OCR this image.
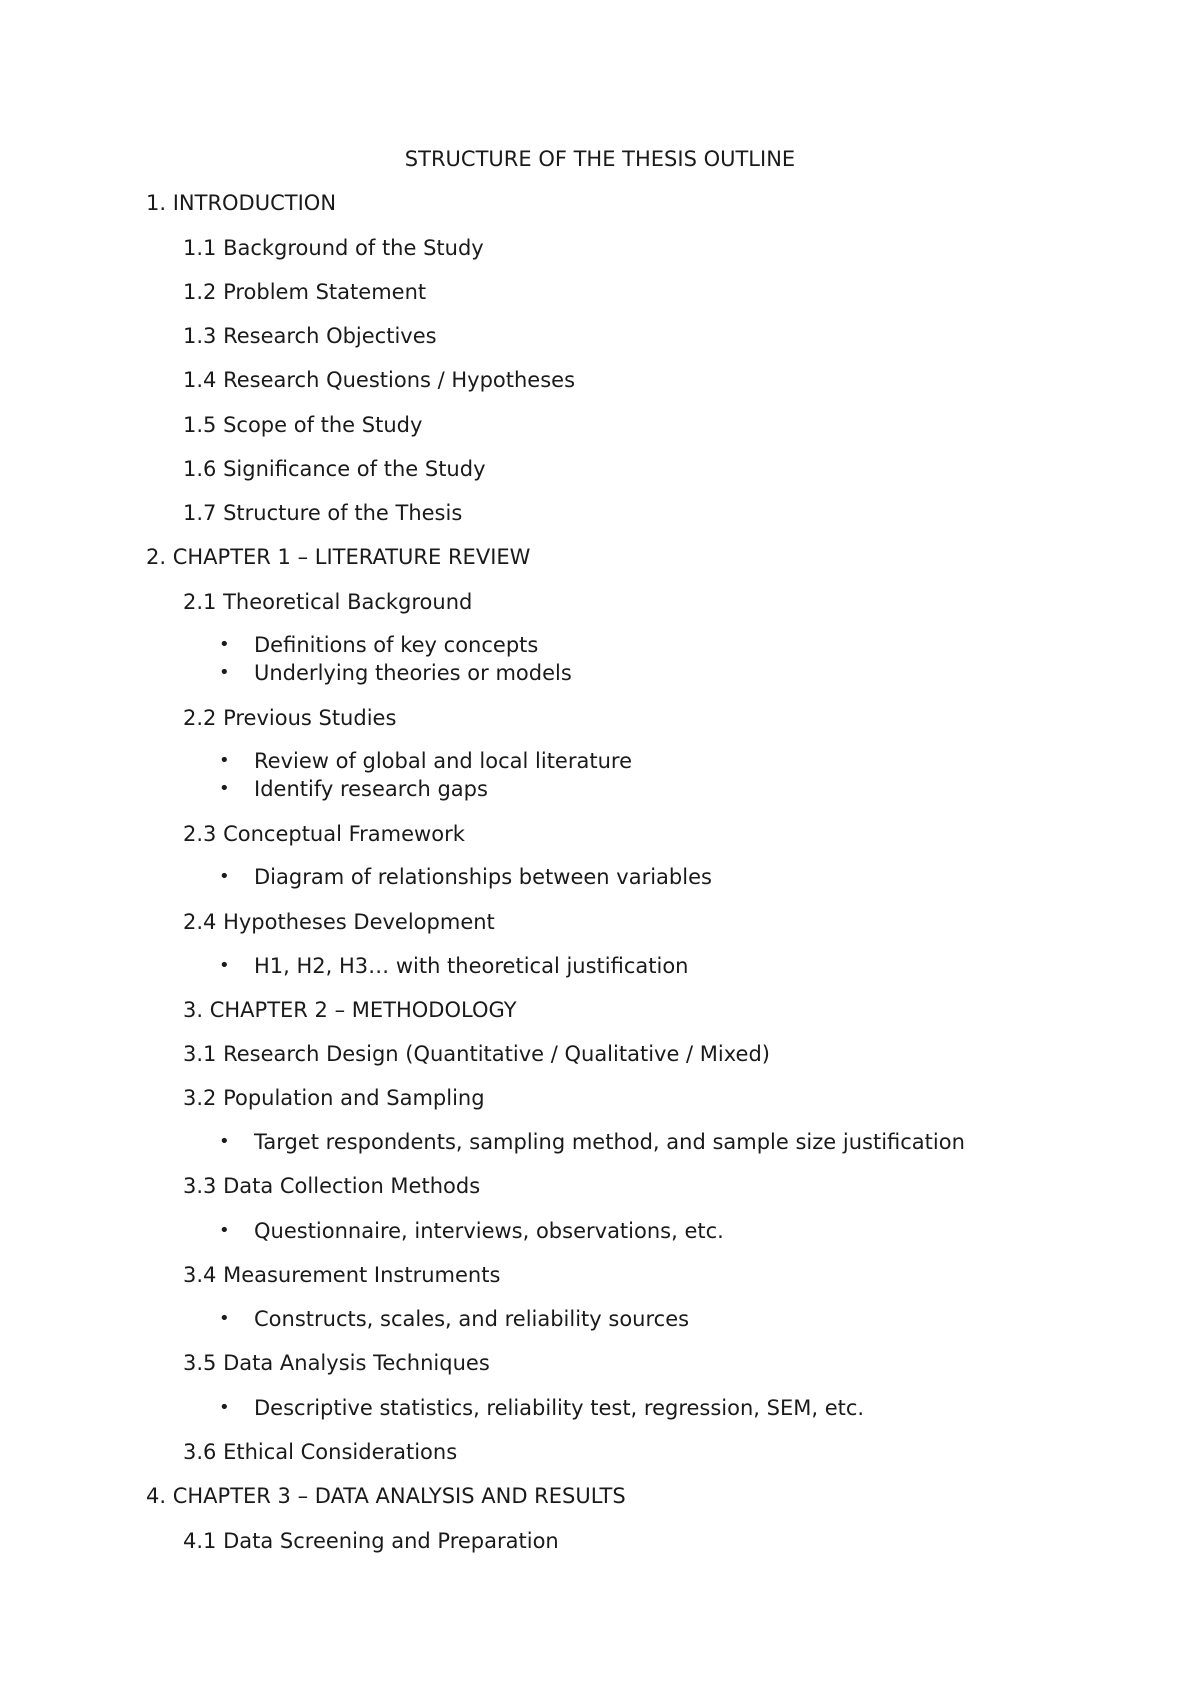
STRUCTURE OF THE THESIS OUTLINE

1. INTRODUCTION

1.1 Background of the Study

1.2 Problem Statement

1.3 Research Objectives

1.4 Research Questions / Hypotheses

1.5 Scope of the Study

1.6 Significance of the Study

1.7 Structure of the Thesis

2. CHAPTER 1 – LITERATURE REVIEW

2.1 Theoretical Background

• Definitions of key concepts

• Underlying theories or models

2.2 Previous Studies

• Review of global and local literature

• Identify research gaps

2.3 Conceptual Framework

• Diagram of relationships between variables

2.4 Hypotheses Development

• H1, H2, H3… with theoretical justification

3. CHAPTER 2 – METHODOLOGY

3.1 Research Design (Quantitative / Qualitative / Mixed)

3.2 Population and Sampling

• Target respondents, sampling method, and sample size justification

3.3 Data Collection Methods

• Questionnaire, interviews, observations, etc.

3.4 Measurement Instruments

• Constructs, scales, and reliability sources

3.5 Data Analysis Techniques

• Descriptive statistics, reliability test, regression, SEM, etc.

3.6 Ethical Considerations

4. CHAPTER 3 – DATA ANALYSIS AND RESULTS

4.1 Data Screening and Preparation
